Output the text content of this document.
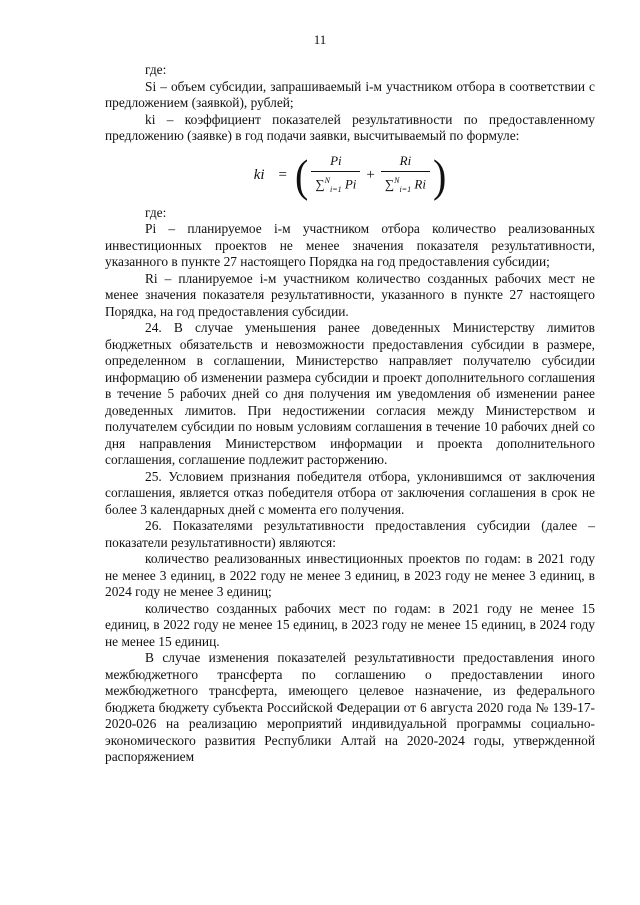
11

где:

Si – объем субсидии, запрашиваемый i-м участником отбора в соответствии с предложением (заявкой), рублей;

ki – коэффициент показателей результативности по предоставленному предложению (заявке) в год подачи заявки, высчитываемый по формуле:

ki = ( $\frac{Pi}{\sum^N_{i=1} Pi} + \frac{Ri}{\sum^N_{i=1} Ri}$ )

где:

Pi – планируемое i-м участником отбора количество реализованных инвестиционных проектов не менее значения показателя результативности, указанного в пункте 27 настоящего Порядка на год предоставления субсидии;

Ri – планируемое i-м участником количество созданных рабочих мест не менее значения показателя результативности, указанного в пункте 27 настоящего Порядка, на год предоставления субсидии.

24. В случае уменьшения ранее доведенных Министерству лимитов бюджетных обязательств и невозможности предоставления субсидии в размере, определенном в соглашении, Министерство направляет получателю субсидии информацию об изменении размера субсидии и проект дополнительного соглашения в течение 5 рабочих дней со дня получения им уведомления об изменении ранее доведенных лимитов. При недостижении согласия между Министерством и получателем субсидии по новым условиям соглашения в течение 10 рабочих дней со дня направления Министерством информации и проекта дополнительного соглашения, соглашение подлежит расторжению.

25. Условием признания победителя отбора, уклонившимся от заключения соглашения, является отказ победителя отбора от заключения соглашения в срок не более 3 календарных дней с момента его получения.

26. Показателями результативности предоставления субсидии (далее – показатели результативности) являются:

количество реализованных инвестиционных проектов по годам: в 2021 году не менее 3 единиц, в 2022 году не менее 3 единиц, в 2023 году не менее 3 единиц, в 2024 году не менее 3 единиц;

количество созданных рабочих мест по годам: в 2021 году не менее 15 единиц, в 2022 году не менее 15 единиц, в 2023 году не менее 15 единиц, в 2024 году не менее 15 единиц.

В случае изменения показателей результативности предоставления иного межбюджетного трансферта по соглашению о предоставлении иного межбюджетного трансферта, имеющего целевое назначение, из федерального бюджета бюджету субъекта Российской Федерации от 6 августа 2020 года № 139-17-2020-026 на реализацию мероприятий индивидуальной программы социально-экономического развития Республики Алтай на 2020-2024 годы, утвержденной распоряжением
